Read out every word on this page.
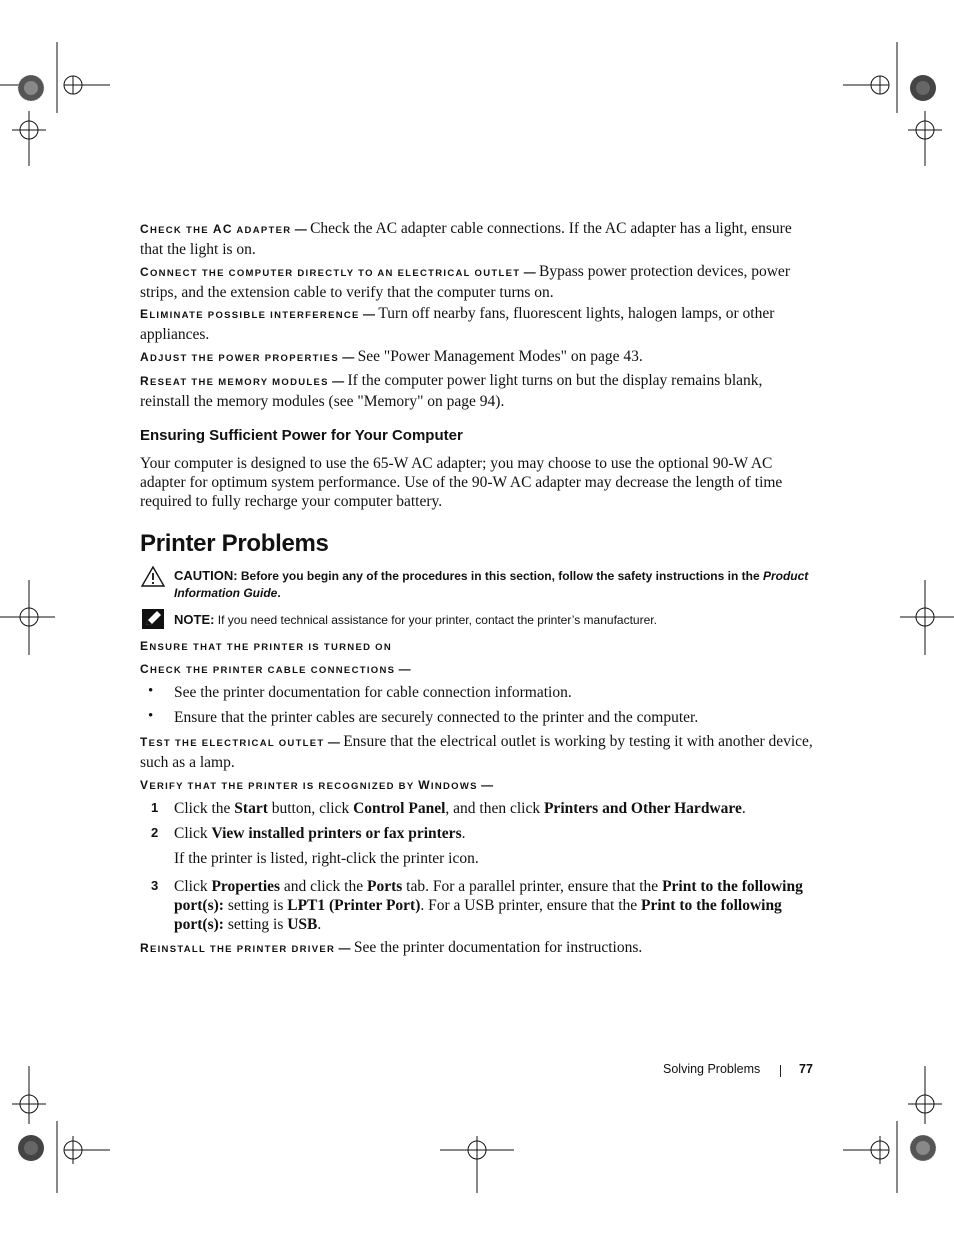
CHECK THE AC ADAPTER — Check the AC adapter cable connections. If the AC adapter has a light, ensure that the light is on.

CONNECT THE COMPUTER DIRECTLY TO AN ELECTRICAL OUTLET — Bypass power protection devices, power strips, and the extension cable to verify that the computer turns on.

ELIMINATE POSSIBLE INTERFERENCE — Turn off nearby fans, fluorescent lights, halogen lamps, or other appliances.

ADJUST THE POWER PROPERTIES — See "Power Management Modes" on page 43.

RESEAT THE MEMORY MODULES — If the computer power light turns on but the display remains blank, reinstall the memory modules (see "Memory" on page 94).

Ensuring Sufficient Power for Your Computer

Your computer is designed to use the 65-W AC adapter; you may choose to use the optional 90-W AC adapter for optimum system performance. Use of the 90-W AC adapter may decrease the length of time required to fully recharge your computer battery.

Printer Problems
CAUTION: Before you begin any of the procedures in this section, follow the safety instructions in the Product Information Guide.
NOTE: If you need technical assistance for your printer, contact the printer’s manufacturer.

ENSURE THAT THE PRINTER IS TURNED ON

CHECK THE PRINTER CABLE CONNECTIONS —

• See the printer documentation for cable connection information.

• Ensure that the printer cables are securely connected to the printer and the computer.

TEST THE ELECTRICAL OUTLET — Ensure that the electrical outlet is working by testing it with another device, such as a lamp.

VERIFY THAT THE PRINTER IS RECOGNIZED BY WINDOWS —

1 Click the Start button, click Control Panel, and then click Printers and Other Hardware.

2 Click View installed printers or fax printers.

If the printer is listed, right-click the printer icon.

3 Click Properties and click the Ports tab. For a parallel printer, ensure that the Print to the following port(s): setting is LPT1 (Printer Port). For a USB printer, ensure that the Print to the following port(s): setting is USB.

REINSTALL THE PRINTER DRIVER — See the printer documentation for instructions.

Solving Problems	77
